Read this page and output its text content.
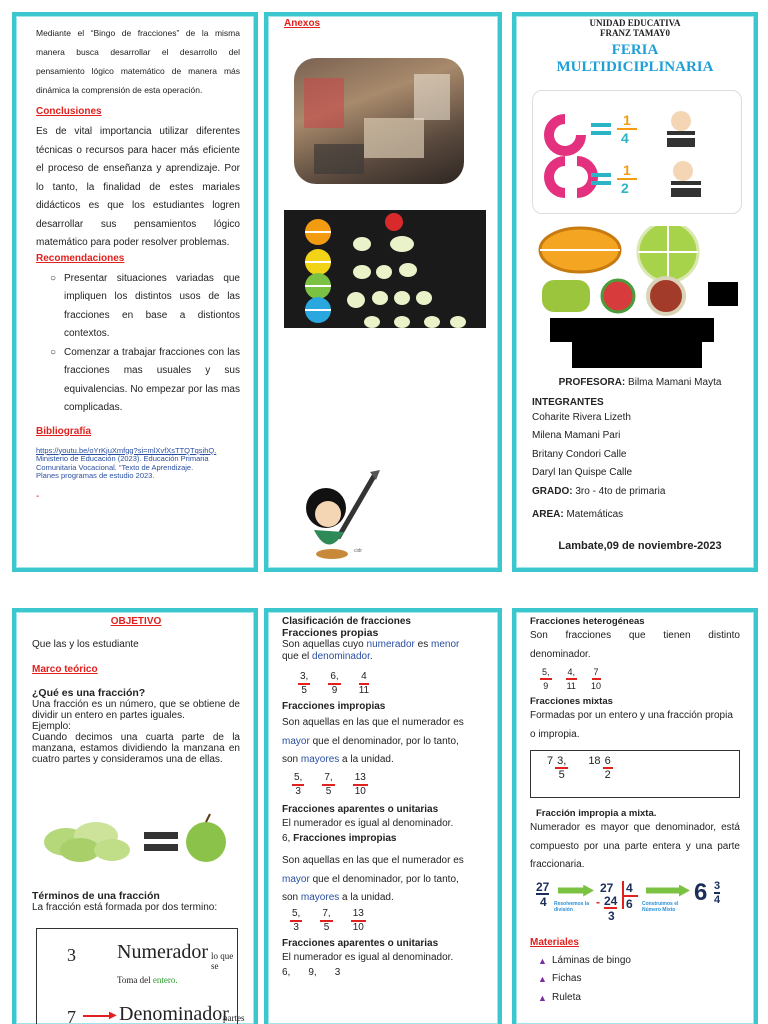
Mediante el “Bingo de fracciones” de la misma manera busca desarrollar el desarrollo del pensamiento lógico matemático de manera más dinámica la comprensión de esta operación.

Conclusiones

Es de vital importancia utilizar diferentes técnicas o recursos para hacer más eficiente el proceso de enseñanza y aprendizaje. Por lo tanto, la finalidad de estes mariales didácticos es que los estudiantes logren desarrollar sus pensamientos lógico matemático para poder resolver problemas.

Recomendaciones

○ Presentar situaciones variadas que impliquen los distintos usos de las fracciones en base a distiontos contextos.
○ Comenzar a trabajar fracciones con las fracciones mas usuales y sus equivalencias. No empezar por las mas complicadas.

Bibliografía

https://youtu.be/oYrKjuXmfgg?si=mlXvfXsTTQTqsihQ.
Ministerio de Educación (2023). Educación Primaria
Comunitaria Vocacional. “Texto de Aprendizaje.
Planes programas de estudio 2023.

-

Anexos

cidr
UNIDAD EDUCATIVA
FRANZ TAMAY0
FERIA
MULTIDICIPLINARIA
1
4
1
2
PROFESORA: Bilma Mamani Mayta
INTEGRANTES
Coharite Rivera Lizeth
Milena Mamani Pari
Britany Condori Calle
Daryl Ian Quispe Calle
GRADO: 3ro - 4to de primaria
AREA: Matemáticas
Lambate,09 de noviembre-2023

OBJETIVO

Que las y los estudiante

Marco teórico

¿Qué es una fracción?

Una fracción es un número, que se obtiene de dividir un entero en partes iguales.

Ejemplo:

Cuando decimos una cuarta parte de la manzana, estamos dividiendo la manzana en cuatro partes y consideramos una de ellas.

Términos de una fracción

La fracción está formada por dos termino:

3 Numerador lo que se
Toma del entero.
7	▶ Denominador
partes

Clasificación de fracciones

Fracciones propias

Son aquellas cuyo numerador es menor
que el denominador.

$\frac{3,}{5} \frac{6,}{9} \frac{4}{11}$

Fracciones impropias

Son aquellas en las que el numerador es
mayor que el denominador, por lo tanto,
son mayores a la unidad.

$\frac{5,}{3} \frac{7,}{5} \frac{13}{10}$

Fracciones aparentes o unitarias

El numerador es igual al denominador.

6, Fracciones impropias

Son aquellas en las que el numerador es
mayor que el denominador, por lo tanto,
son mayores a la unidad.

$\frac{5,}{3} \frac{7,}{5} \frac{13}{10}$

Fracciones aparentes o unitarias

El numerador es igual al denominador.

6, 9, 3

Fracciones heterogéneas

Son fracciones que tienen distinto denominador.

$\frac{5,}{9} \frac{4,}{11} \frac{7}{10}$

Fracciones mixtas

Formadas por un entero y una fracción propia o impropia.

$7 \frac{3,}{5} 18 \frac{6}{2}$

Fracción impropia a mixta.

Numerador es mayor que denominador, está compuesto por una parte entera y una parte fraccionaria.

27
4 Resolvemos la división
27
- 24
3
4
6 Construimos el Número Mixto
6 3
4

Materiales

▲ Láminas de bingo
▲ Fichas
▲ Ruleta
